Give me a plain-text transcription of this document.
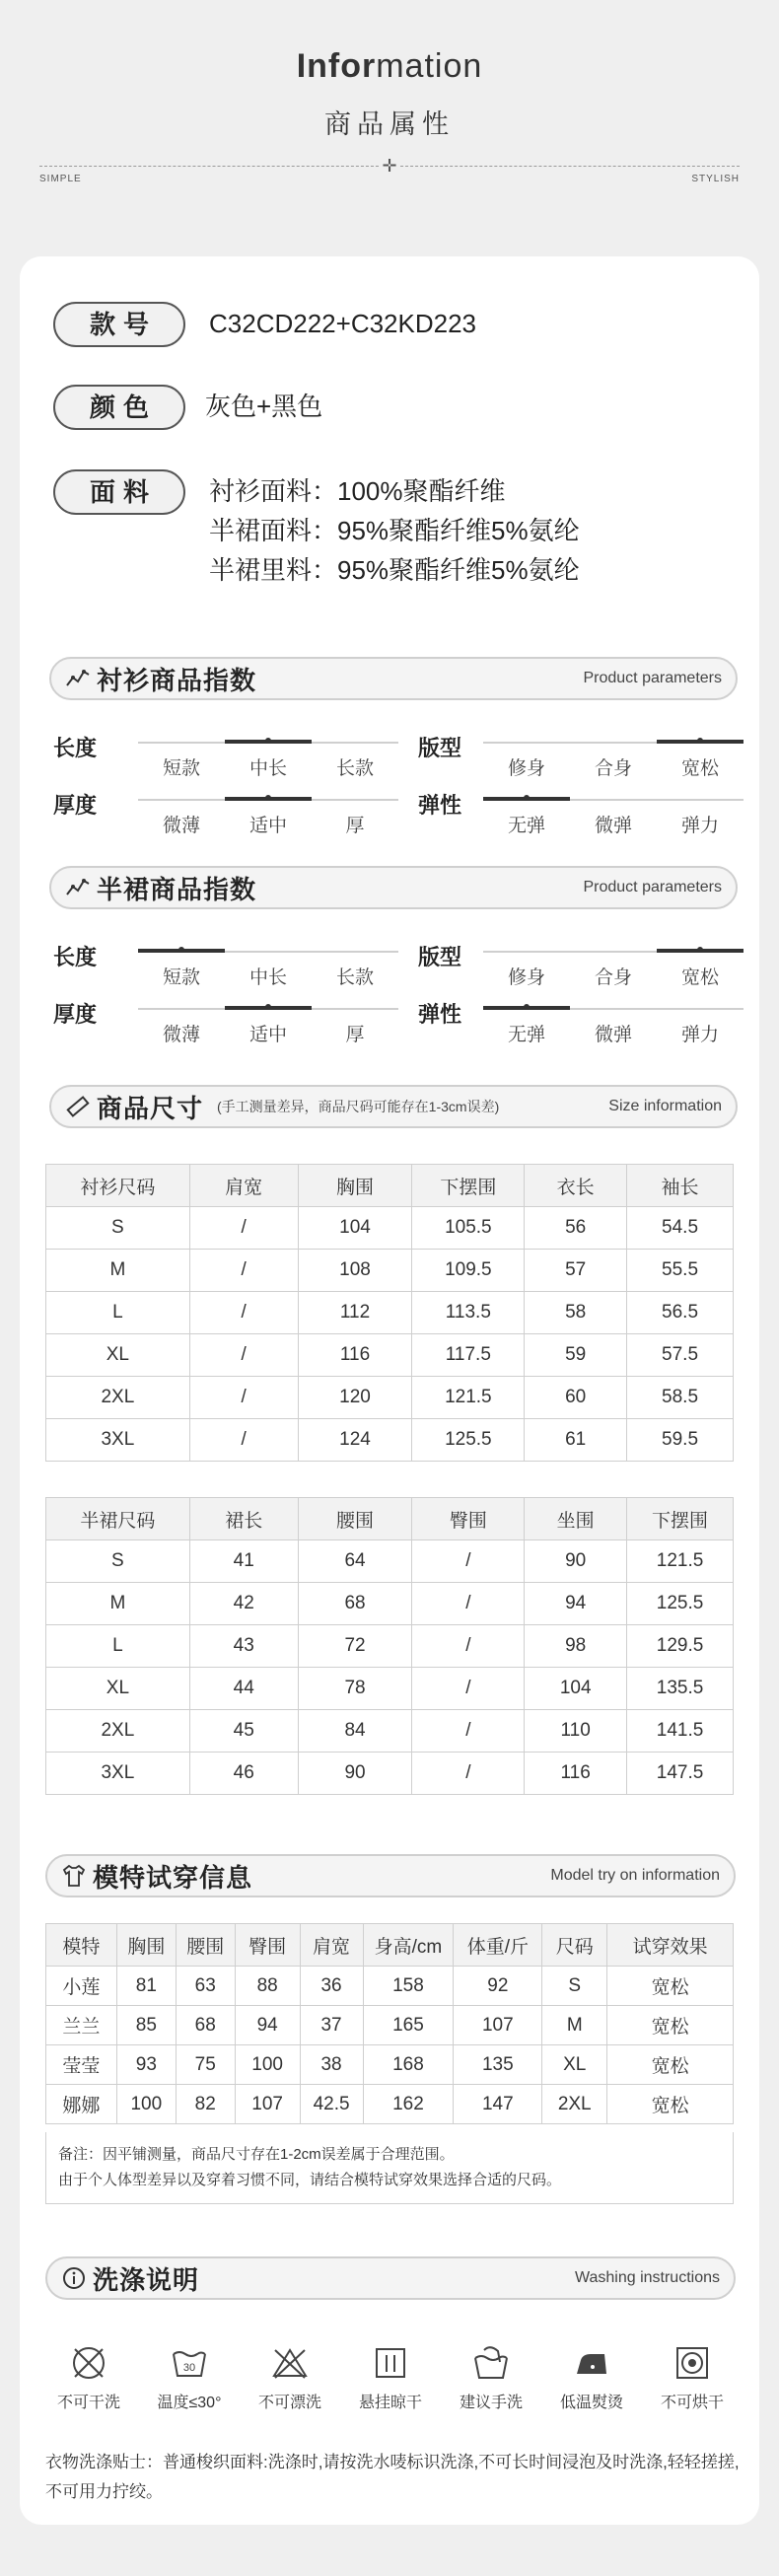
Information
商品属性
✛
SIMPLE	STYLISH
款号	C32CD222+C32KD223
颜色	灰色+黑色
面料	衬衫面料：100%聚酯纤维
半裙面料：95%聚酯纤维5%氨纶
半裙里料：95%聚酯纤维5%氨纶
衬衫商品指数	Product parameters
长度
短款	中长	长款
版型
修身	合身	宽松
厚度
微薄	适中	厚
弹性
无弹	微弹	弹力
半裙商品指数	Product parameters
长度
短款	中长	长款
版型
修身	合身	宽松
厚度
微薄	适中	厚
弹性
无弹	微弹	弹力
商品尺寸 (手工测量差异，商品尺码可能存在1-3cm误差)	Size information
衬衫尺码	肩宽	胸围	下摆围	衣长	袖长
S	/	104	105.5	56	54.5
M	/	108	109.5	57	55.5
L	/	112	113.5	58	56.5
XL	/	116	117.5	59	57.5
2XL	/	120	121.5	60	58.5
3XL	/	124	125.5	61	59.5
半裙尺码	裙长	腰围	臀围	坐围	下摆围
S	41	64	/	90	121.5
M	42	68	/	94	125.5
L	43	72	/	98	129.5
XL	44	78	/	104	135.5
2XL	45	84	/	110	141.5
3XL	46	90	/	116	147.5
模特试穿信息	Model try on information
模特	胸围	腰围	臀围	肩宽	身高/cm	体重/斤	尺码	试穿效果
小莲	81	63	88	36	158	92	S	宽松
兰兰	85	68	94	37	165	107	M	宽松
莹莹	93	75	100	38	168	135	XL	宽松
娜娜	100	82	107	42.5	162	147	2XL	宽松
备注：因平铺测量，商品尺寸存在1-2cm误差属于合理范围。
由于个人体型差异以及穿着习惯不同，请结合模特试穿效果选择合适的尺码。
洗涤说明	Washing instructions
不可干洗
30
温度≤30°	不可漂洗	悬挂晾干	建议手洗	低温熨烫	不可烘干
衣物洗涤贴士：普通梭织面料:洗涤时,请按洗水唛标识洗涤,不可长时间浸泡及时洗涤,轻轻搓搓,不可用力拧绞。
